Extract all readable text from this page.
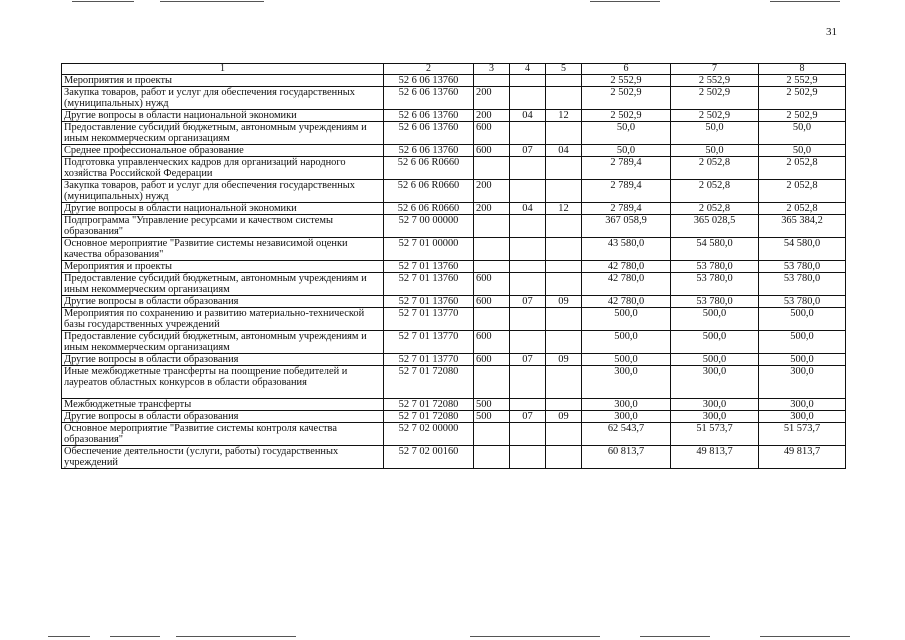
31
1	2	3	4	5	6	7	8
Мероприятия и проекты	52 6 06 13760				2 552,9	2 552,9	2 552,9
Закупка товаров, работ и услуг для обеспечения государственных (муниципальных) нужд	52 6 06 13760	200			2 502,9	2 502,9	2 502,9
Другие вопросы в области национальной экономики	52 6 06 13760	200	04	12	2 502,9	2 502,9	2 502,9
Предоставление субсидий бюджетным, автономным учреждениям и иным некоммерческим организациям	52 6 06 13760	600			50,0	50,0	50,0
Среднее профессиональное образование	52 6 06 13760	600	07	04	50,0	50,0	50,0
Подготовка управленческих кадров для организаций народного хозяйства Российской Федерации	52 6 06 R0660				2 789,4	2 052,8	2 052,8
Закупка товаров, работ и услуг для обеспечения государственных (муниципальных) нужд	52 6 06 R0660	200			2 789,4	2 052,8	2 052,8
Другие вопросы в области национальной экономики	52 6 06 R0660	200	04	12	2 789,4	2 052,8	2 052,8
Подпрограмма "Управление ресурсами и качеством системы образования"	52 7 00 00000				367 058,9	365 028,5	365 384,2
Основное мероприятие "Развитие системы независимой оценки качества образования"	52 7 01 00000				43 580,0	54 580,0	54 580,0
Мероприятия и проекты	52 7 01 13760				42 780,0	53 780,0	53 780,0
Предоставление субсидий бюджетным, автономным учреждениям и иным некоммерческим организациям	52 7 01 13760	600			42 780,0	53 780,0	53 780,0
Другие вопросы в области образования	52 7 01 13760	600	07	09	42 780,0	53 780,0	53 780,0
Мероприятия по сохранению и развитию материально-технической базы государственных учреждений	52 7 01 13770				500,0	500,0	500,0
Предоставление субсидий бюджетным, автономным учреждениям и иным некоммерческим организациям	52 7 01 13770	600			500,0	500,0	500,0
Другие вопросы в области образования	52 7 01 13770	600	07	09	500,0	500,0	500,0
Иные межбюджетные трансферты на поощрение победителей и лауреатов областных конкурсов в области образования	52 7 01 72080				300,0	300,0	300,0
Межбюджетные трансферты	52 7 01 72080	500			300,0	300,0	300,0
Другие вопросы в области образования	52 7 01 72080	500	07	09	300,0	300,0	300,0
Основное мероприятие "Развитие системы контроля качества образования"	52 7 02 00000				62 543,7	51 573,7	51 573,7
Обеспечение деятельности (услуги, работы) государственных учреждений	52 7 02 00160				60 813,7	49 813,7	49 813,7
